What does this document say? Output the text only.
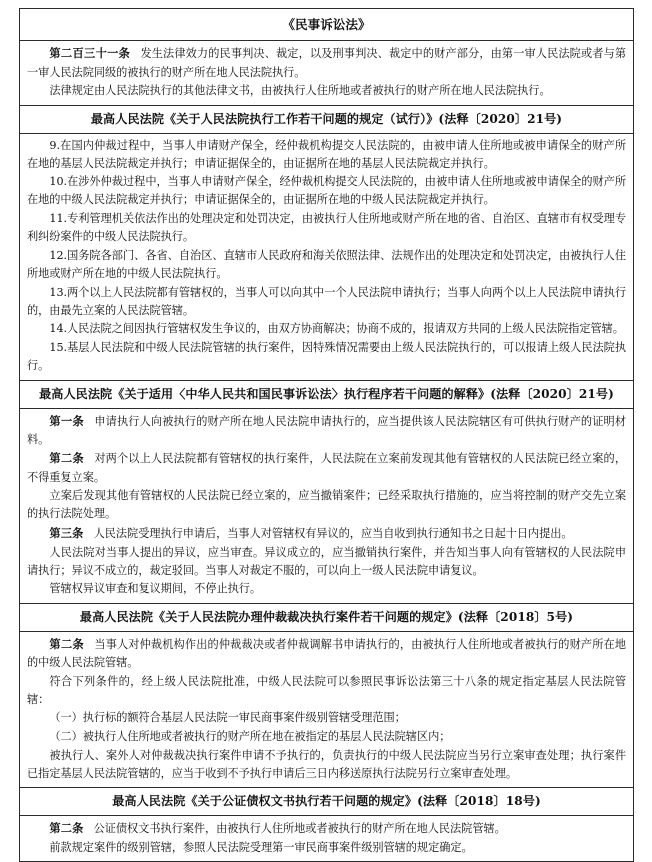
《民事诉讼法》

第二百三十一条 发生法律效力的民事判决、裁定，以及刑事判决、裁定中的财产部分，由第一审人民法院或者与第一审人民法院同级的被执行的财产所在地人民法院执行。

法律规定由人民法院执行的其他法律文书，由被执行人住所地或者被执行的财产所在地人民法院执行。

最高人民法院《关于人民法院执行工作若干问题的规定（试行）》(法释〔2020〕21号)

9.在国内仲裁过程中，当事人申请财产保全，经仲裁机构提交人民法院的，由被申请人住所地或被申请保全的财产所在地的基层人民法院裁定并执行；申请证据保全的，由证据所在地的基层人民法院裁定并执行。

10.在涉外仲裁过程中，当事人申请财产保全，经仲裁机构提交人民法院的，由被申请人住所地或被申请保全的财产所在地的中级人民法院裁定并执行；申请证据保全的，由证据所在地的中级人民法院裁定并执行。

11.专利管理机关依法作出的处理决定和处罚决定，由被执行人住所地或财产所在地的省、自治区、直辖市有权受理专利纠纷案件的中级人民法院执行。

12.国务院各部门、各省、自治区、直辖市人民政府和海关依照法律、法规作出的处理决定和处罚决定，由被执行人住所地或财产所在地的中级人民法院执行。

13.两个以上人民法院都有管辖权的，当事人可以向其中一个人民法院申请执行；当事人向两个以上人民法院申请执行的，由最先立案的人民法院管辖。

14.人民法院之间因执行管辖权发生争议的，由双方协商解决；协商不成的，报请双方共同的上级人民法院指定管辖。

15.基层人民法院和中级人民法院管辖的执行案件，因特殊情况需要由上级人民法院执行的，可以报请上级人民法院执行。

最高人民法院《关于适用〈中华人民共和国民事诉讼法〉执行程序若干问题的解释》(法释〔2020〕21号)

第一条 申请执行人向被执行的财产所在地人民法院申请执行的，应当提供该人民法院辖区有可供执行财产的证明材料。

第二条 对两个以上人民法院都有管辖权的执行案件，人民法院在立案前发现其他有管辖权的人民法院已经立案的，不得重复立案。

立案后发现其他有管辖权的人民法院已经立案的，应当撤销案件；已经采取执行措施的，应当将控制的财产交先立案的执行法院处理。

第三条 人民法院受理执行申请后，当事人对管辖权有异议的，应当自收到执行通知书之日起十日内提出。

人民法院对当事人提出的异议，应当审查。异议成立的，应当撤销执行案件，并告知当事人向有管辖权的人民法院申请执行；异议不成立的，裁定驳回。当事人对裁定不服的，可以向上一级人民法院申请复议。

管辖权异议审查和复议期间，不停止执行。

最高人民法院《关于人民法院办理仲裁裁决执行案件若干问题的规定》(法释〔2018〕5号)

第二条 当事人对仲裁机构作出的仲裁裁决或者仲裁调解书申请执行的，由被执行人住所地或者被执行的财产所在地的中级人民法院管辖。

符合下列条件的，经上级人民法院批准，中级人民法院可以参照民事诉讼法第三十八条的规定指定基层人民法院管辖：

（一）执行标的额符合基层人民法院一审民商事案件级别管辖受理范围；

（二）被执行人住所地或者被执行的财产所在地在被指定的基层人民法院辖区内；

被执行人、案外人对仲裁裁决执行案件申请不予执行的，负责执行的中级人民法院应当另行立案审查处理；执行案件已指定基层人民法院管辖的，应当于收到不予执行申请后三日内移送原执行法院另行立案审查处理。

最高人民法院《关于公证债权文书执行若干问题的规定》(法释〔2018〕18号)

第二条 公证债权文书执行案件，由被执行人住所地或者被执行的财产所在地人民法院管辖。

前款规定案件的级别管辖，参照人民法院受理第一审民商事案件级别管辖的规定确定。
